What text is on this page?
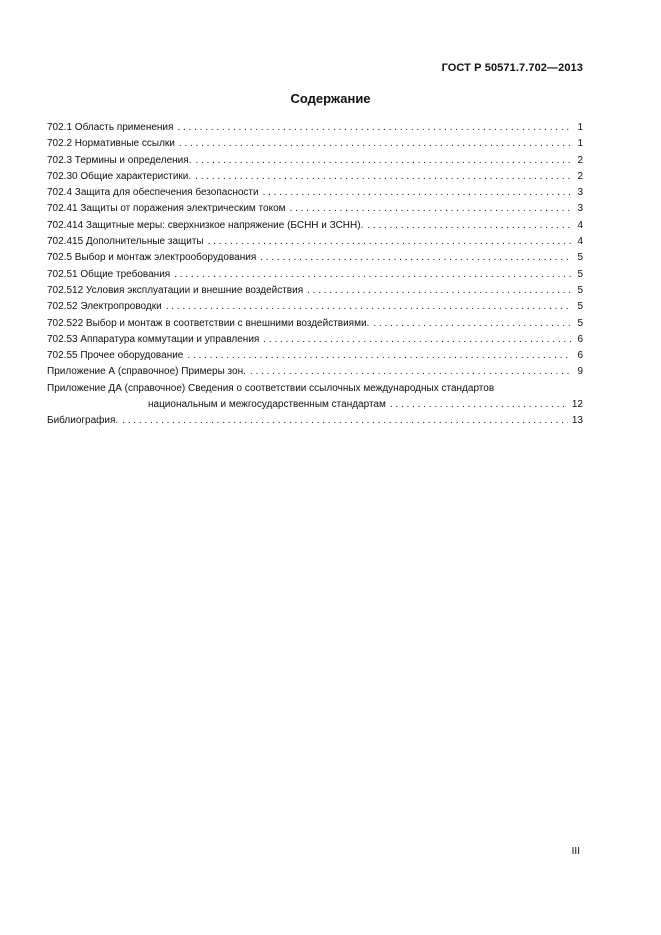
ГОСТ Р 50571.7.702—2013
Содержание
702.1 Область применения . . .	1
702.2 Нормативные ссылки . . .	1
702.3 Термины и определения. . . .	2
702.30 Общие характеристики. . . .	2
702.4 Защита для обеспечения безопасности . . .	3
702.41 Защиты от поражения электрическим током . . .	3
702.414 Защитные меры: сверхнизкое напряжение (БСНН и ЗСНН). . . .	4
702.415 Дополнительные защиты . . .	4
702.5 Выбор и монтаж электрооборудования . . .	5
702.51 Общие требования . . .	5
702.512 Условия эксплуатации и внешние воздействия . . .	5
702.52 Электропроводки . . .	5
702.522 Выбор и монтаж в соответствии с внешними воздействиями. . . .	5
702.53 Аппаратура коммутации и управления . . .	6
702.55 Прочее оборудование . . .	6
Приложение А (справочное) Примеры зон. . . .	9
Приложение ДА (справочное) Сведения о соответствии ссылочных международных стандартов
национальным и межгосударственным стандартам . . .	12
Библиография. . . .	13
III
